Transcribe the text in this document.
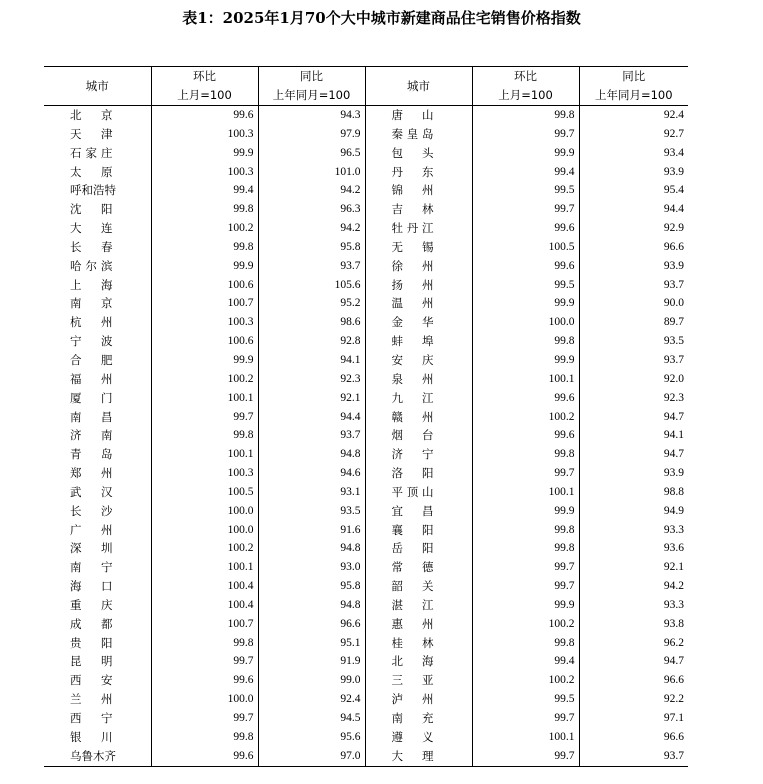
表1：2025年1月70个大中城市新建商品住宅销售价格指数
城市	环比	同比	城市	环比	同比
	上月=100	上年同月=100		上月=100	上年同月=100
北　京	99.6	94.3	唐　山	99.8	92.4
天　津	100.3	97.9	秦皇岛	99.7	92.7
石家庄	99.9	96.5	包　头	99.9	93.4
太　原	100.3	101.0	丹　东	99.4	93.9
呼和浩特	99.4	94.2	锦　州	99.5	95.4
沈　阳	99.8	96.3	吉　林	99.7	94.4
大　连	100.2	94.2	牡丹江	99.6	92.9
长　春	99.8	95.8	无　锡	100.5	96.6
哈尔滨	99.9	93.7	徐　州	99.6	93.9
上　海	100.6	105.6	扬　州	99.5	93.7
南　京	100.7	95.2	温　州	99.9	90.0
杭　州	100.3	98.6	金　华	100.0	89.7
宁　波	100.6	92.8	蚌　埠	99.8	93.5
合　肥	99.9	94.1	安　庆	99.9	93.7
福　州	100.2	92.3	泉　州	100.1	92.0
厦　门	100.1	92.1	九　江	99.6	92.3
南　昌	99.7	94.4	赣　州	100.2	94.7
济　南	99.8	93.7	烟　台	99.6	94.1
青　岛	100.1	94.8	济　宁	99.8	94.7
郑　州	100.3	94.6	洛　阳	99.7	93.9
武　汉	100.5	93.1	平顶山	100.1	98.8
长　沙	100.0	93.5	宜　昌	99.9	94.9
广　州	100.0	91.6	襄　阳	99.8	93.3
深　圳	100.2	94.8	岳　阳	99.8	93.6
南　宁	100.1	93.0	常　德	99.7	92.1
海　口	100.4	95.8	韶　关	99.7	94.2
重　庆	100.4	94.8	湛　江	99.9	93.3
成　都	100.7	96.6	惠　州	100.2	93.8
贵　阳	99.8	95.1	桂　林	99.8	96.2
昆　明	99.7	91.9	北　海	99.4	94.7
西　安	99.6	99.0	三　亚	100.2	96.6
兰　州	100.0	92.4	泸　州	99.5	92.2
西　宁	99.7	94.5	南　充	99.7	97.1
银　川	99.8	95.6	遵　义	100.1	96.6
乌鲁木齐	99.6	97.0	大　理	99.7	93.7
